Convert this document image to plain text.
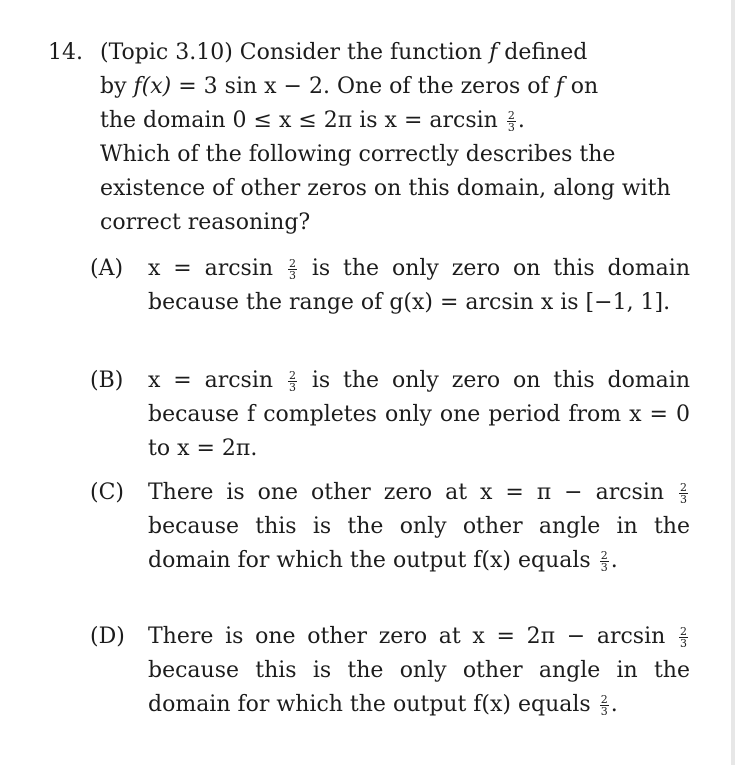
14. (Topic 3.10) Consider the function f defined

by f(x) = 3 sin x − 2. One of the zeros of f on

the domain 0 ≤ x ≤ 2π is $x = \arcsin \frac{2}{3}$ .

Which of the following correctly describes the existence of other zeros on this domain, along with correct reasoning?

(A)	$x = \arcsin \frac{2}{3}$ is the only zero on this domain because the range of g(x) = arcsin x is [−1, 1].
(B)	$x = \arcsin \frac{2}{3}$ is the only zero on this domain because f completes only one period from x = 0 to x = 2π.
(C)	There is one other zero at $x = \pi - \arcsin \frac{2}{3}$
because this is the only other angle in the domain for which the output f(x) equals $\frac{2}{3}$ .
(D)	There is one other zero at $x = 2\pi - \arcsin \frac{2}{3}$
because this is the only other angle in the domain for which the output f(x) equals $\frac{2}{3}$ .
